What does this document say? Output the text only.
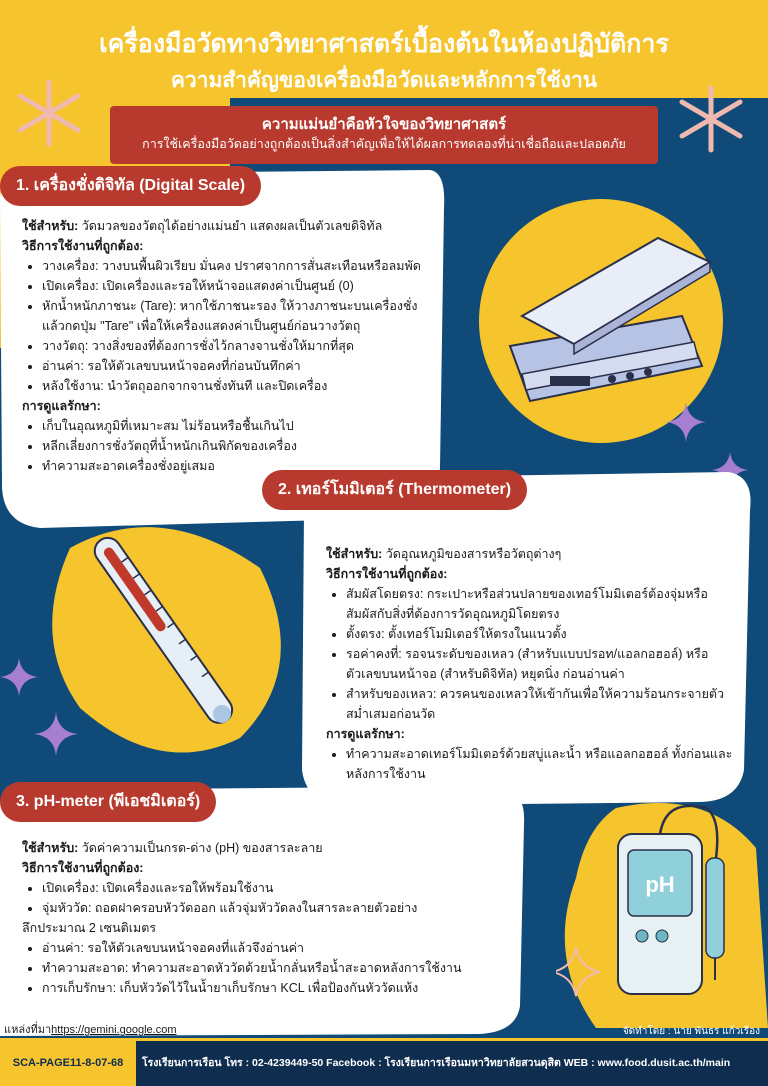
เครื่องมือวัดทางวิทยาศาสตร์เบื้องต้นในห้องปฏิบัติการ
ความสำคัญของเครื่องมือวัดและหลักการใช้งาน
ความแม่นยำคือหัวใจของวิทยาศาสตร์
การใช้เครื่องมือวัดอย่างถูกต้องเป็นสิ่งสำคัญเพื่อให้ได้ผลการทดลองที่น่าเชื่อถือและปลอดภัย
1. เครื่องชั่งดิจิทัล (Digital Scale)
ใช้สำหรับ: วัดมวลของวัตถุได้อย่างแม่นยำ แสดงผลเป็นตัวเลขดิจิทัล
วิธีการใช้งานที่ถูกต้อง:
• วางเครื่อง: วางบนพื้นผิวเรียบ มั่นคง ปราศจากการสั่นสะเทือนหรือลมพัด
• เปิดเครื่อง: เปิดเครื่องและรอให้หน้าจอแสดงค่าเป็นศูนย์ (0)
• หักน้ำหนักภาชนะ (Tare): หากใช้ภาชนะรอง ให้วางภาชนะบนเครื่องชั่ง แล้วกดปุ่ม "Tare" เพื่อให้เครื่องแสดงค่าเป็นศูนย์ก่อนวางวัตถุ
• วางวัตถุ: วางสิ่งของที่ต้องการชั่งไว้กลางจานชั่งให้มากที่สุด
• อ่านค่า: รอให้ตัวเลขบนหน้าจอคงที่ก่อนบันทึกค่า
• หลังใช้งาน: นำวัตถุออกจากจานชั่งทันที และปิดเครื่อง
การดูแลรักษา:
• เก็บในอุณหภูมิที่เหมาะสม ไม่ร้อนหรือชื้นเกินไป
• หลีกเลี่ยงการชั่งวัตถุที่น้ำหนักเกินพิกัดของเครื่อง
• ทำความสะอาดเครื่องชั่งอยู่เสมอ
2. เทอร์โมมิเตอร์ (Thermometer)
ใช้สำหรับ: วัดอุณหภูมิของสารหรือวัตถุต่างๆ
วิธีการใช้งานที่ถูกต้อง:
• สัมผัสโดยตรง: กระเปาะหรือส่วนปลายของเทอร์โมมิเตอร์ต้องจุ่มหรือสัมผัสกับสิ่งที่ต้องการวัดอุณหภูมิโดยตรง
• ตั้งตรง: ตั้งเทอร์โมมิเตอร์ให้ตรงในแนวตั้ง
• รอค่าคงที่: รอจนระดับของเหลว (สำหรับแบบปรอท/แอลกอฮอล์) หรือตัวเลขบนหน้าจอ (สำหรับดิจิทัล) หยุดนิ่ง ก่อนอ่านค่า
• สำหรับของเหลว: ควรคนของเหลวให้เข้ากันเพื่อให้ความร้อนกระจายตัวสม่ำเสมอก่อนวัด
การดูแลรักษา:
• ทำความสะอาดเทอร์โมมิเตอร์ด้วยสบู่และน้ำ หรือแอลกอฮอล์ ทั้งก่อนและหลังการใช้งาน
3. pH-meter (พีเอชมิเตอร์)
ใช้สำหรับ: วัดค่าความเป็นกรด-ด่าง (pH) ของสารละลาย
วิธีการใช้งานที่ถูกต้อง:
• เปิดเครื่อง: เปิดเครื่องและรอให้พร้อมใช้งาน
• จุ่มหัววัด: ถอดฝาครอบหัววัดออก แล้วจุ่มหัววัดลงในสารละลายตัวอย่าง
ลึกประมาณ 2 เซนติเมตร
• อ่านค่า: รอให้ตัวเลขบนหน้าจอคงที่แล้วจึงอ่านค่า
• ทำความสะอาด: ทำความสะอาดหัววัดด้วยน้ำกลั่นหรือน้ำสะอาดหลังการใช้งาน
• การเก็บรักษา: เก็บหัววัดไว้ในน้ำยาเก็บรักษา KCL เพื่อป้องกันหัววัดแห้ง
pH
แหล่งที่มาhttps://gemini.google.com	จัดทำโดย : นาย พันธร แก้วเรือง
SCA-PAGE11-8-07-68	โรงเรียนการเรือน โทร : 02-4239449-50 Facebook : โรงเรียนการเรือนมหาวิทยาลัยสวนดุสิต WEB : www.food.dusit.ac.th/main
